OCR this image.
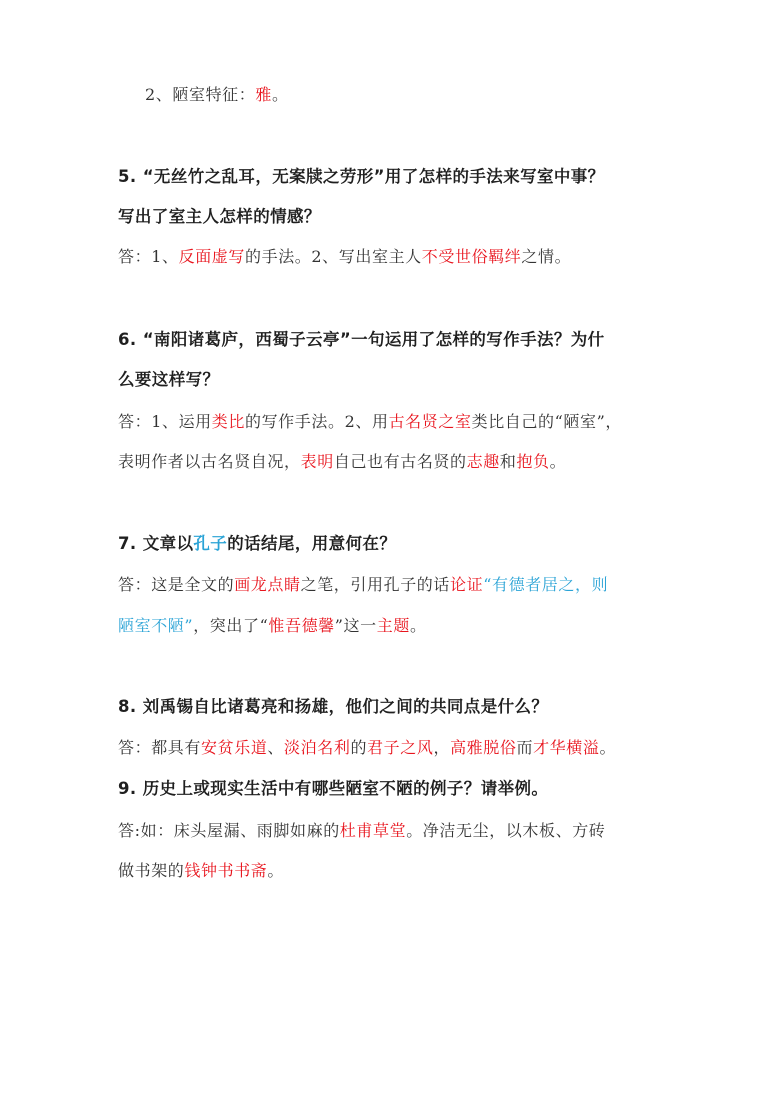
2、陋室特征：雅。
5. “无丝竹之乱耳，无案牍之劳形”用了怎样的手法来写室中事？
写出了室主人怎样的情感？
答：1、反面虚写的手法。2、写出室主人不受世俗羁绊之情。
6. “南阳诸葛庐，西蜀子云亭”一句运用了怎样的写作手法？为什
么要这样写？
答：1、运用类比的写作手法。2、用古名贤之室类比自己的“陋室”，
表明作者以古名贤自况，表明自己也有古名贤的志趣和抱负。
7. 文章以孔子的话结尾，用意何在？
答：这是全文的画龙点睛之笔，引用孔子的话论证“有德者居之，则
陋室不陋”，突出了“惟吾德馨”这一主题。
8. 刘禹锡自比诸葛亮和扬雄，他们之间的共同点是什么？
答：都具有安贫乐道、淡泊名利的君子之风，高雅脱俗而才华横溢。
9. 历史上或现实生活中有哪些陋室不陋的例子？请举例。
答:如：床头屋漏、雨脚如麻的杜甫草堂。净洁无尘，以木板、方砖
做书架的钱钟书书斋。
